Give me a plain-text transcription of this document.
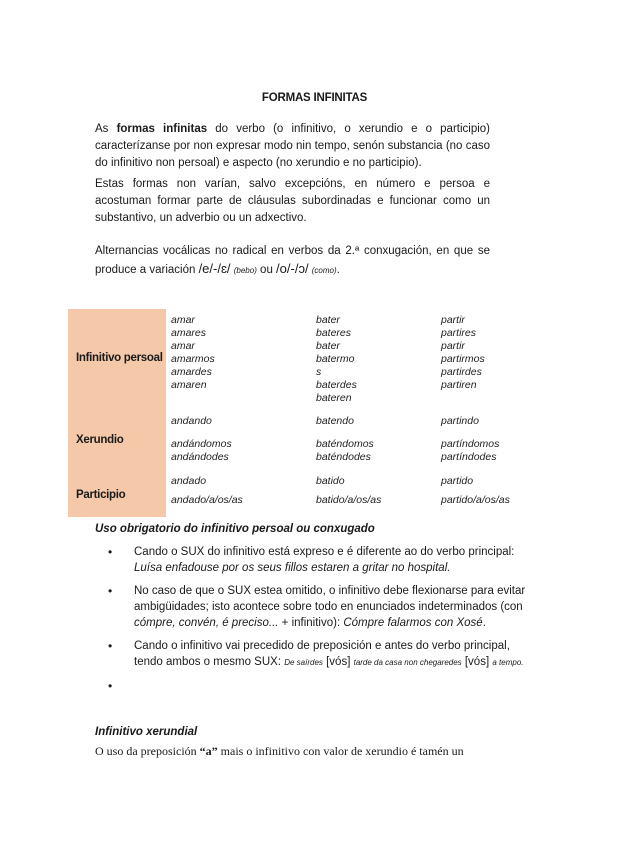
FORMAS INFINITAS
As formas infinitas do verbo (o infinitivo, o xerundio e o participio) caracterízanse por non expresar modo nin tempo, senón substancia (no caso do infinitivo non persoal) e aspecto (no xerundio e no participio).
Estas formas non varían, salvo excepcións, en número e persoa e acostuman formar parte de cláusulas subordinadas e funcionar como un substantivo, un adverbio ou un adxectivo.
Alternancias vocálicas no radical en verbos da 2.ª conxugación, en que se produce a variación /e/-/ɛ/ (bebo) ou /o/-/ɔ/ (como).
Infinitivo persoal
Xerundio
Participio
amar
amares
amar
amarmos
amardes
amaren
bater
bateres
bater
batermo
s
baterdes
bateren
partir
partires
partir
partirmos
partirdes
partiren
andando
andándomos
andándodes
batendo
baténdomos
baténdodes
partindo
partíndomos
partíndodes
andado
andado/a/os/as
batido
batido/a/os/as
partido
partido/a/os/as
Uso obrigatorio do infinitivo persoal ou conxugado
• Cando o SUX do infinitivo está expreso e é diferente ao do verbo principal: Luísa enfadouse por os seus fillos estaren a gritar no hospital.
• No caso de que o SUX estea omitido, o infinitivo debe flexionarse para evitar ambigüidades; isto acontece sobre todo en enunciados indeterminados (con cómpre, convén, é preciso... + infinitivo): Cómpre falarmos con Xosé.
• Cando o infinitivo vai precedido de preposición e antes do verbo principal, tendo ambos o mesmo SUX: De saírdes [vós] tarde da casa non chegaredes [vós] a tempo.
•
Infinitivo xerundial
O uso da preposición “a” mais o infinitivo con valor de xerundio é tamén un
